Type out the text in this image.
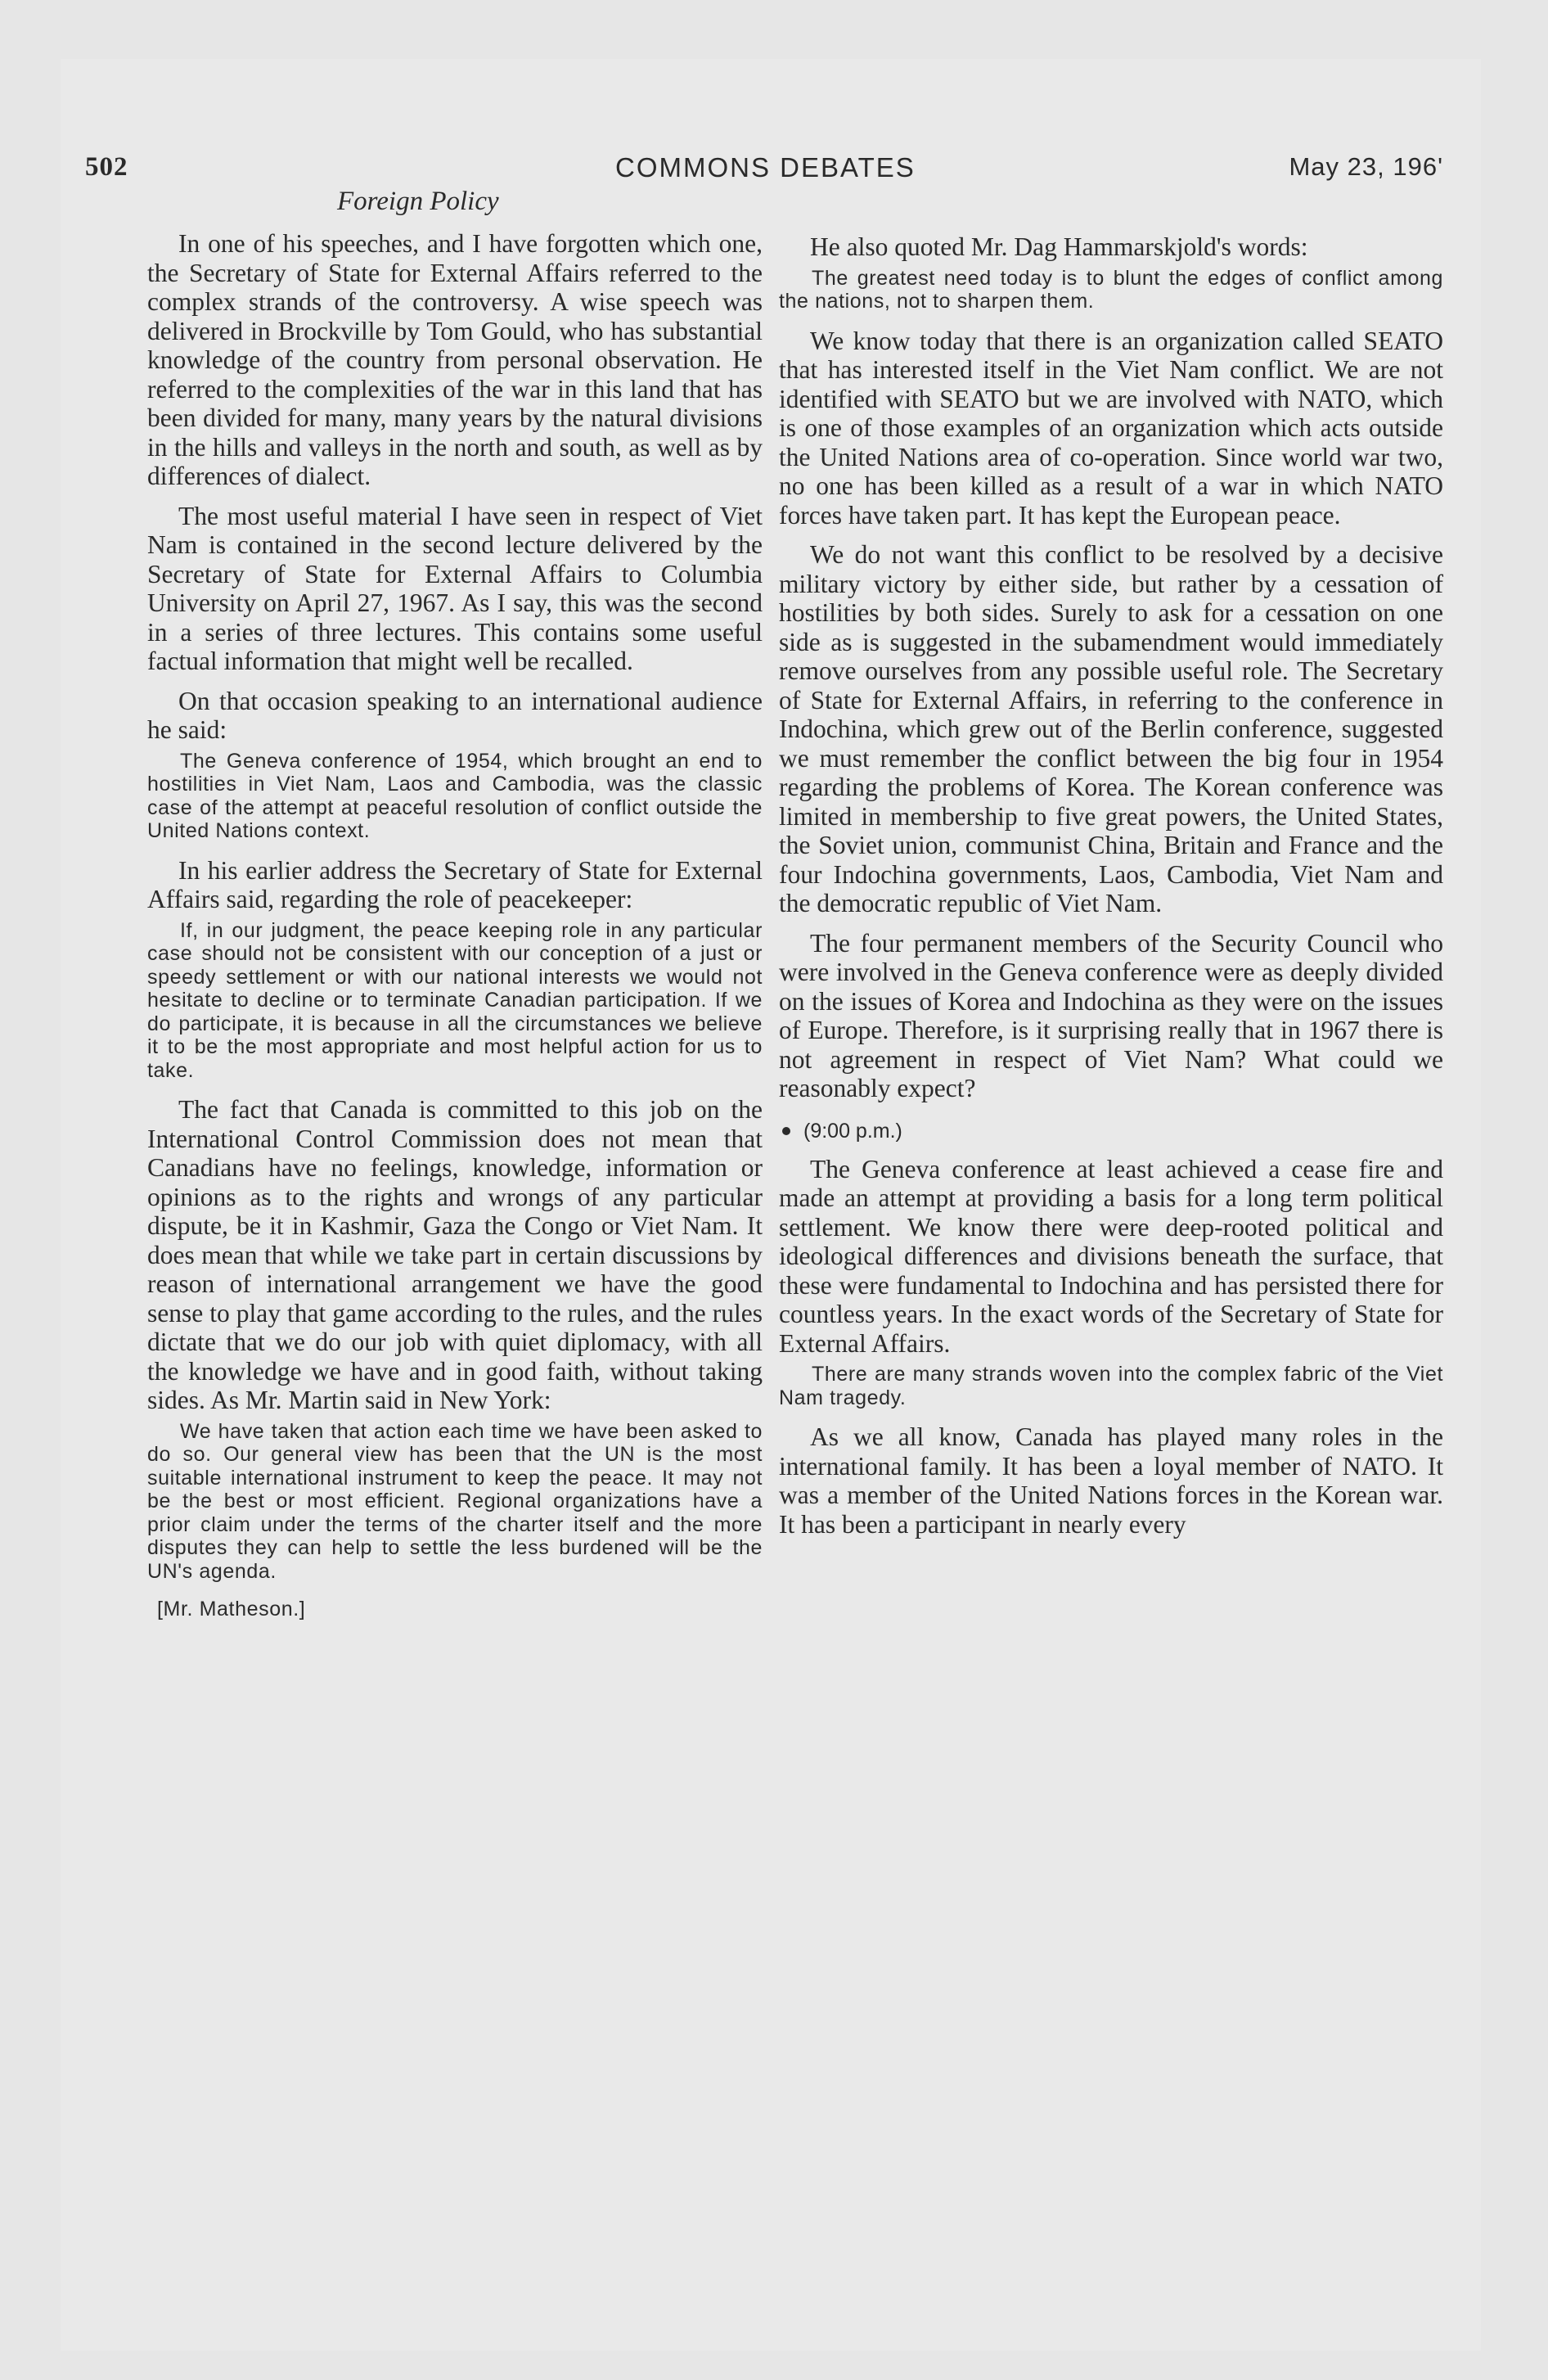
502	COMMONS DEBATES	May 23, 196'
Foreign Policy

In one of his speeches, and I have forgotten which one, the Secretary of State for External Affairs referred to the complex strands of the controversy. A wise speech was delivered in Brockville by Tom Gould, who has substantial knowledge of the country from personal observation. He referred to the complexities of the war in this land that has been divided for many, many years by the natural divisions in the hills and valleys in the north and south, as well as by differences of dialect.

The most useful material I have seen in respect of Viet Nam is contained in the second lecture delivered by the Secretary of State for External Affairs to Columbia University on April 27, 1967. As I say, this was the second in a series of three lectures. This contains some useful factual information that might well be recalled.

On that occasion speaking to an international audience he said:

The Geneva conference of 1954, which brought an end to hostilities in Viet Nam, Laos and Cambodia, was the classic case of the attempt at peaceful resolution of conflict outside the United Nations context.

In his earlier address the Secretary of State for External Affairs said, regarding the role of peacekeeper:

If, in our judgment, the peace keeping role in any particular case should not be consistent with our conception of a just or speedy settlement or with our national interests we would not hesitate to decline or to terminate Canadian participation. If we do participate, it is because in all the circumstances we believe it to be the most appropriate and most helpful action for us to take.

The fact that Canada is committed to this job on the International Control Commission does not mean that Canadians have no feelings, knowledge, information or opinions as to the rights and wrongs of any particular dispute, be it in Kashmir, Gaza the Congo or Viet Nam. It does mean that while we take part in certain discussions by reason of international arrangement we have the good sense to play that game according to the rules, and the rules dictate that we do our job with quiet diplomacy, with all the knowledge we have and in good faith, without taking sides. As Mr. Martin said in New York:

We have taken that action each time we have been asked to do so. Our general view has been that the UN is the most suitable international instrument to keep the peace. It may not be the best or most efficient. Regional organizations have a prior claim under the terms of the charter itself and the more disputes they can help to settle the less burdened will be the UN's agenda.

[Mr. Matheson.]

He also quoted Mr. Dag Hammarskjold's words:

The greatest need today is to blunt the edges of conflict among the nations, not to sharpen them.

We know today that there is an organization called SEATO that has interested itself in the Viet Nam conflict. We are not identified with SEATO but we are involved with NATO, which is one of those examples of an organization which acts outside the United Nations area of co-operation. Since world war two, no one has been killed as a result of a war in which NATO forces have taken part. It has kept the European peace.

We do not want this conflict to be resolved by a decisive military victory by either side, but rather by a cessation of hostilities by both sides. Surely to ask for a cessation on one side as is suggested in the subamendment would immediately remove ourselves from any possible useful role. The Secretary of State for External Affairs, in referring to the conference in Indochina, which grew out of the Berlin conference, suggested we must remember the conflict between the big four in 1954 regarding the problems of Korea. The Korean conference was limited in membership to five great powers, the United States, the Soviet union, communist China, Britain and France and the four Indochina governments, Laos, Cambodia, Viet Nam and the democratic republic of Viet Nam.

The four permanent members of the Security Council who were involved in the Geneva conference were as deeply divided on the issues of Korea and Indochina as they were on the issues of Europe. Therefore, is it surprising really that in 1967 there is not agreement in respect of Viet Nam? What could we reasonably expect?

(9:00 p.m.)

The Geneva conference at least achieved a cease fire and made an attempt at providing a basis for a long term political settlement. We know there were deep-rooted political and ideological differences and divisions beneath the surface, that these were fundamental to Indochina and has persisted there for countless years. In the exact words of the Secretary of State for External Affairs.

There are many strands woven into the complex fabric of the Viet Nam tragedy.

As we all know, Canada has played many roles in the international family. It has been a loyal member of NATO. It was a member of the United Nations forces in the Korean war. It has been a participant in nearly every
